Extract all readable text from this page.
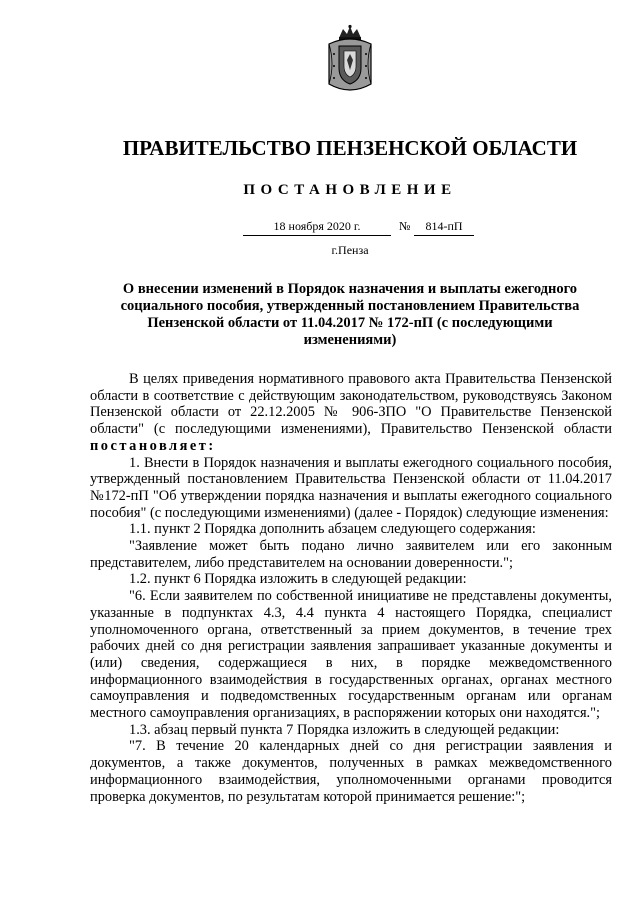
ПРАВИТЕЛЬСТВО ПЕНЗЕНСКОЙ ОБЛАСТИ
ПОСТАНОВЛЕНИЕ
18 ноября 2020 г.	№	814-пП
г.Пенза
О внесении изменений в Порядок назначения и выплаты ежегодного социального пособия, утвержденный постановлением Правительства Пензенской области от 11.04.2017 № 172-пП (с последующими изменениями)

В целях приведения нормативного правового акта Правительства Пензенской области в соответствие с действующим законодательством, руководствуясь Законом Пензенской области от 22.12.2005 № 906-ЗПО "О Правительстве Пензенской области" (с последующими изменениями), Правительство Пензенской области постановляет:

1. Внести в Порядок назначения и выплаты ежегодного социального пособия, утвержденный постановлением Правительства Пензенской области от 11.04.2017 №172-пП "Об утверждении порядка назначения и выплаты ежегодного социального пособия" (с последующими изменениями) (далее - Порядок) следующие изменения:

1.1. пункт 2 Порядка дополнить абзацем следующего содержания:

"Заявление может быть подано лично заявителем или его законным представителем, либо представителем на основании доверенности.";

1.2. пункт 6 Порядка изложить в следующей редакции:

"6. Если заявителем по собственной инициативе не представлены документы, указанные в подпунктах 4.3, 4.4 пункта 4 настоящего Порядка, специалист уполномоченного органа, ответственный за прием документов, в течение трех рабочих дней со дня регистрации заявления запрашивает указанные документы и (или) сведения, содержащиеся в них, в порядке межведомственного информационного взаимодействия в государственных органах, органах местного самоуправления и подведомственных государственным органам или органам местного самоуправления организациях, в распоряжении которых они находятся.";

1.3. абзац первый пункта 7 Порядка изложить в следующей редакции:

"7. В течение 20 календарных дней со дня регистрации заявления и документов, а также документов, полученных в рамках межведомственного информационного взаимодействия, уполномоченными органами проводится проверка документов, по результатам которой принимается решение:";
